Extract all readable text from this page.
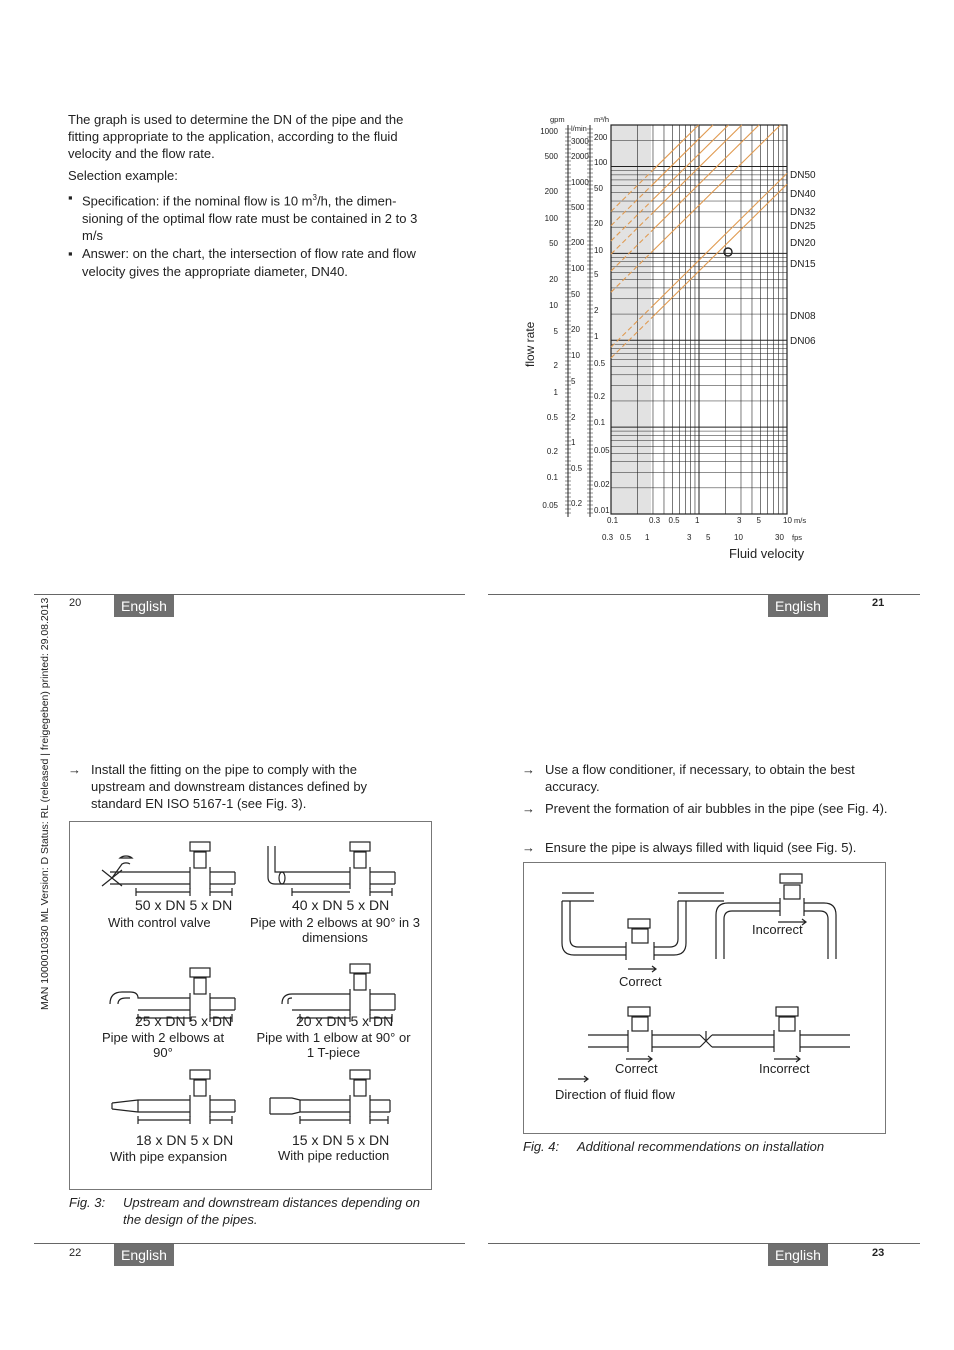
MAN 1000010330 ML Version: D Status: RL (released | freigegeben) printed: 29.08.2013
The graph is used to determine the DN of the pipe and the fitting appropriate to the application, according to the fluid velocity and the flow rate.
Selection example:
▪ Specification: if the nominal flow is 10 $m^3/h$, the dimen-sioning of the optimal flow rate must be contained in 2 to 3 m/s
▪ Answer: on the chart, the intersection of flow rate and flow velocity gives the appropriate diameter, DN40.
20	English
DN50
DN40
DN32
DN25
DN20
DN15
DN08
DN06
0.1	0.3 0.5 1	3 5	10
0.3 0.5 1	3 5	10	30
200
100
50
20
10
5
2
1
0.5
0.2
0.1
0.05
0.02
0.01
3000
2000
1000
500
200
100
50
20
10
5
2
1
0.5
0.2
1000
500
200
100
50
20
10
5
2
1
0.5
0.2
0.1
0.05
flow rate
Fluid velocity
gpm
l/min
m³/h
m/s
fps
English	21
→ Install the fitting on the pipe to comply with the upstream and downstream distances defined by standard EN ISO 5167-1 (see Fig. 3).
50 x DN 5 x DN
With control valve
40 x DN 5 x DN
Pipe with 2 elbows at 90° in 3 dimensions
25 x DN 5 x DN
Pipe with 2 elbows at 90°
20 x DN 5 x DN
Pipe with 1 elbow at 90° or 1 T-piece
18 x DN 5 x DN
With pipe expansion
15 x DN 5 x DN
With pipe reduction
Fig. 3: Upstream and downstream distances depending on the design of the pipes.
22	English
→ Use a flow conditioner, if necessary, to obtain the best accuracy.
→ Prevent the formation of air bubbles in the pipe (see Fig. 4).
→ Ensure the pipe is always filled with liquid (see Fig. 5).
Correct
Incorrect
Correct	Incorrect
Direction of fluid flow
Fig. 4: Additional recommendations on installation
English	23
